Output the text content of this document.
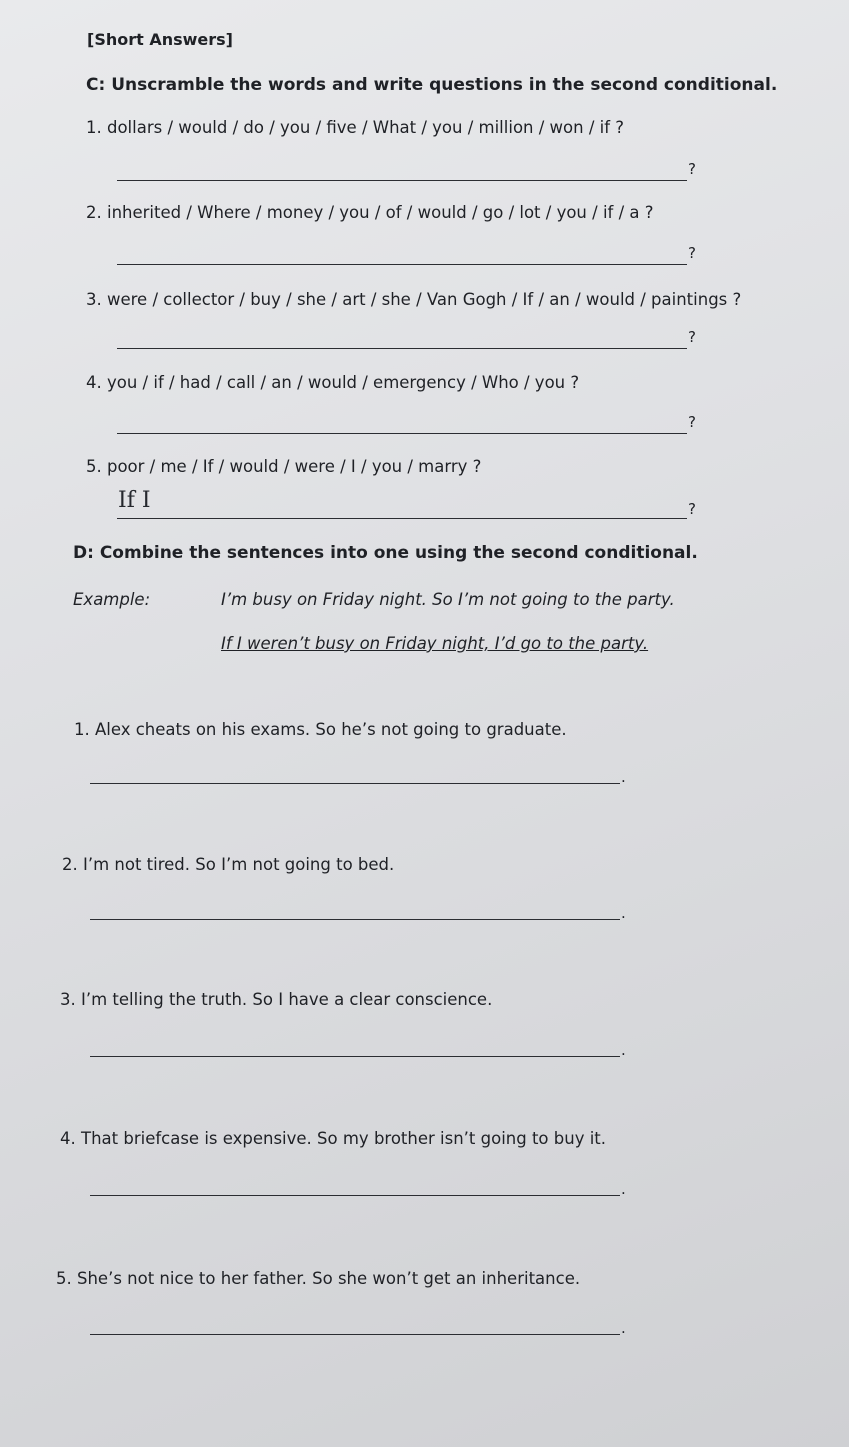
[Short Answers]
C: Unscramble the words and write questions in the second conditional.
1. dollars / would / do / you / five / What / you / million / won / if ?
?
2. inherited / Where / money / you / of / would / go / lot / you / if / a ?
?
3. were / collector / buy / she / art / she / Van Gogh / If / an / would / paintings ?
?
4. you / if / had / call / an / would / emergency / Who / you ?
?
5. poor / me / If / would / were / I / you / marry ?
If I	?
D: Combine the sentences into one using the second conditional.
Example:	I’m busy on Friday night. So I’m not going to the party.
If I weren’t busy on Friday night, I’d go to the party.
1. Alex cheats on his exams. So he’s not going to graduate.
.
2. I’m not tired. So I’m not going to bed.
.
3. I’m telling the truth. So I have a clear conscience.
.
4. That briefcase is expensive. So my brother isn’t going to buy it.
.
5. She’s not nice to her father. So she won’t get an inheritance.
.
